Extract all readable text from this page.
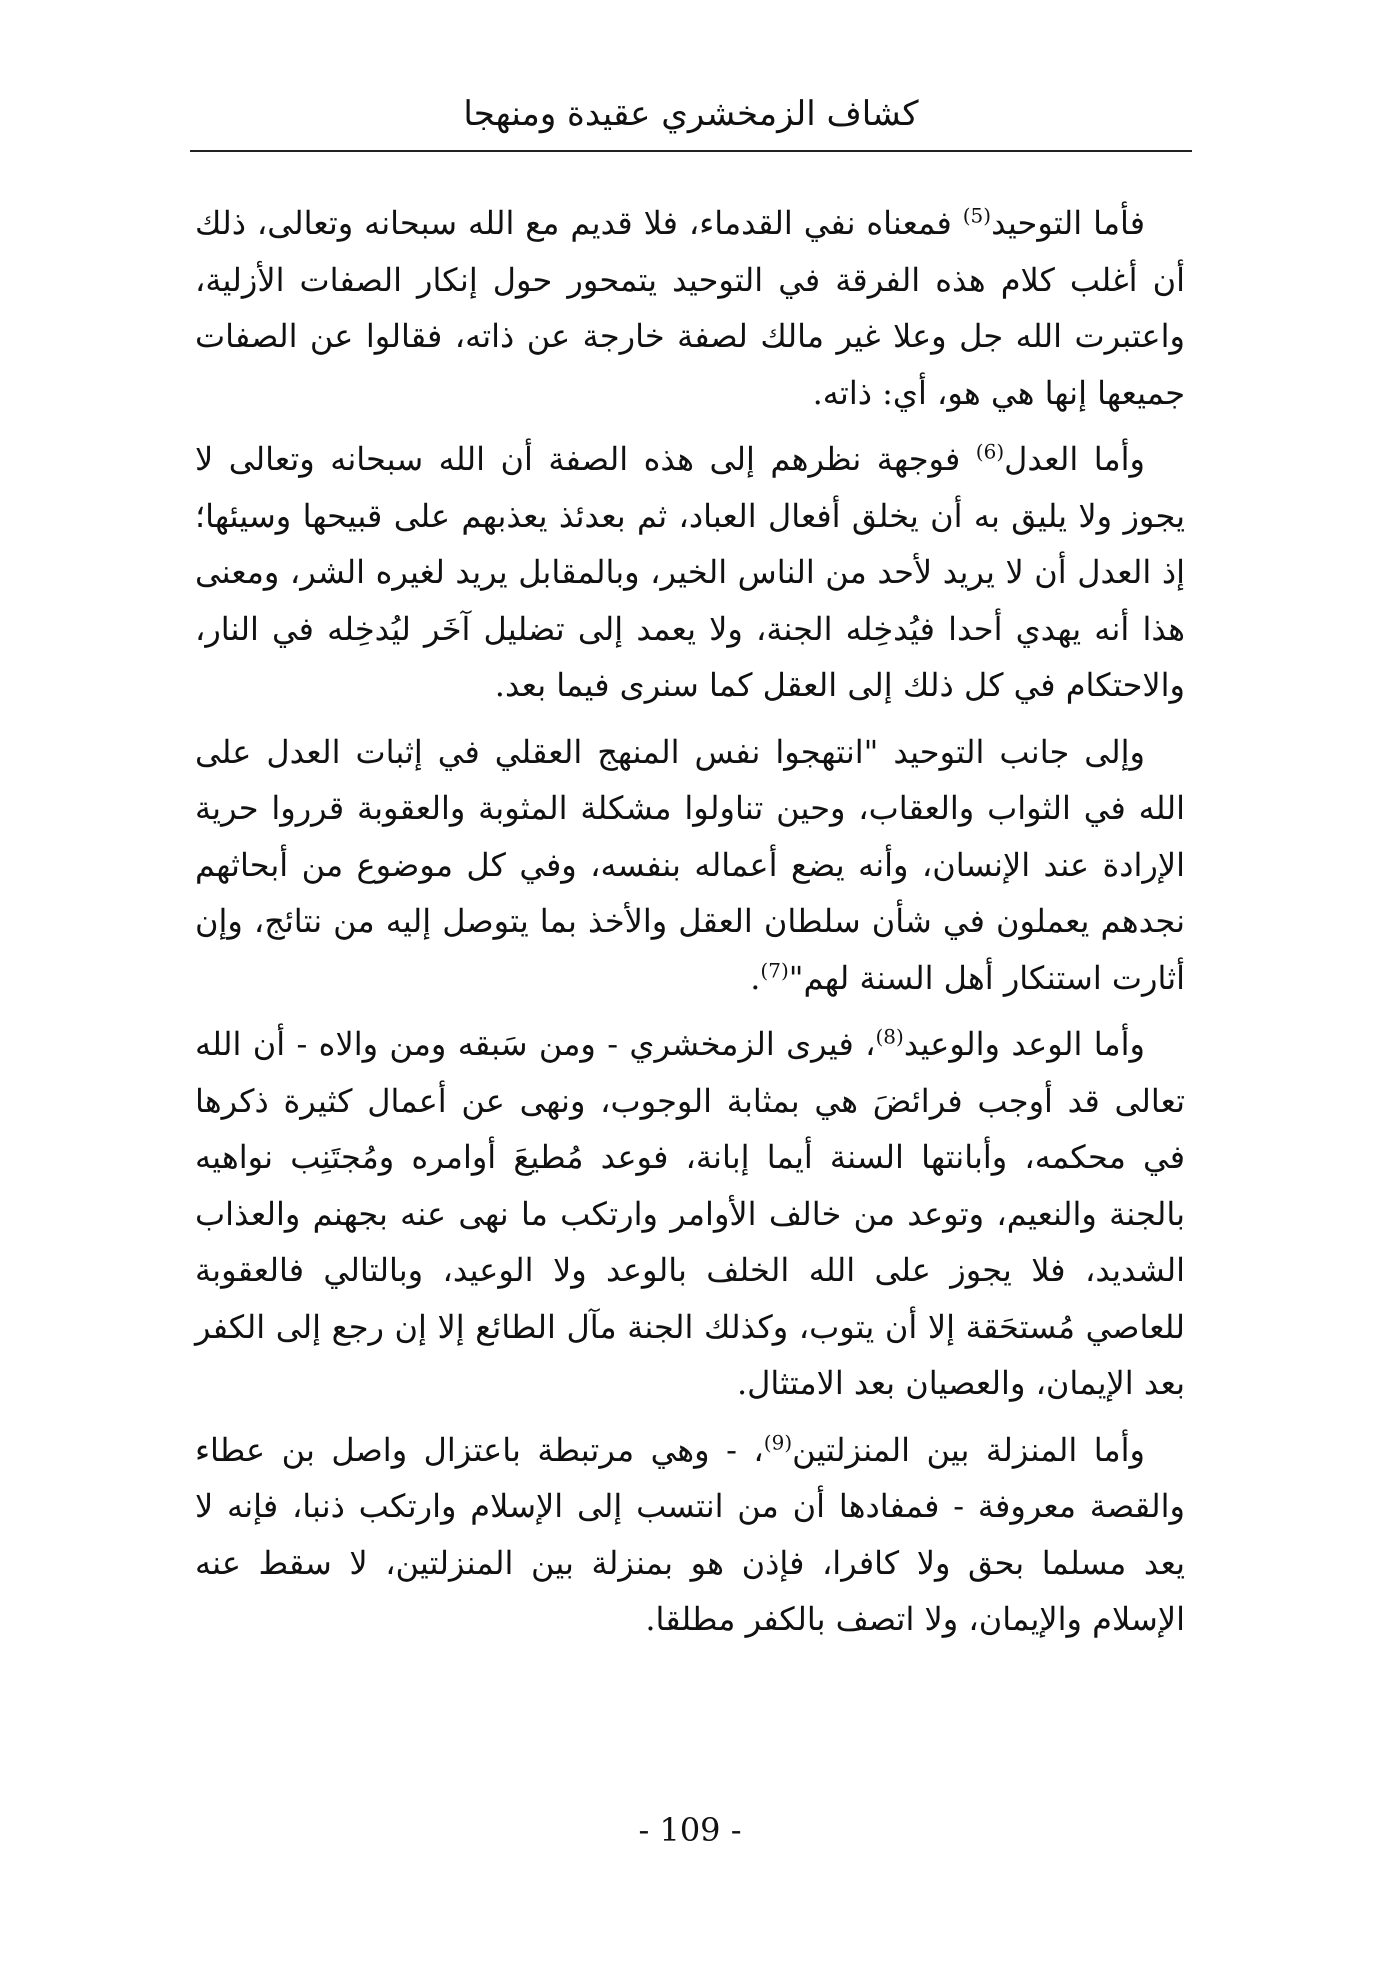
كشاف الزمخشري عقيدة ومنهجا

فأما التوحيد$^{(5)}$ فمعناه نفي القدماء، فلا قديم مع الله سبحانه وتعالى، ذلك أن أغلب كلام هذه الفرقة في التوحيد يتمحور حول إنكار الصفات الأزلية، واعتبرت الله جل وعلا غير مالك لصفة خارجة عن ذاته، فقالوا عن الصفات جميعها إنها هي هو، أي: ذاته.

وأما العدل$^{(6)}$ فوجهة نظرهم إلى هذه الصفة أن الله سبحانه وتعالى لا يجوز ولا يليق به أن يخلق أفعال العباد، ثم بعدئذ يعذبهم على قبيحها وسيئها؛ إذ العدل أن لا يريد لأحد من الناس الخير، وبالمقابل يريد لغيره الشر، ومعنى هذا أنه يهدي أحدا فيُدخِله الجنة، ولا يعمد إلى تضليل آخَر ليُدخِله في النار، والاحتكام في كل ذلك إلى العقل كما سنرى فيما بعد.

وإلى جانب التوحيد "انتهجوا نفس المنهج العقلي في إثبات العدل على الله في الثواب والعقاب، وحين تناولوا مشكلة المثوبة والعقوبة قرروا حرية الإرادة عند الإنسان، وأنه يضع أعماله بنفسه، وفي كل موضوع من أبحاثهم نجدهم يعملون في شأن سلطان العقل والأخذ بما يتوصل إليه من نتائج، وإن أثارت استنكار أهل السنة لهم"$^{(7)}$.

وأما الوعد والوعيد$^{(8)}$، فيرى الزمخشري - ومن سَبقه ومن والاه - أن الله تعالى قد أوجب فرائضَ هي بمثابة الوجوب، ونهى عن أعمال كثيرة ذكرها في محكمه، وأبانتها السنة أيما إبانة، فوعد مُطيعَ أوامره ومُجتَنِب نواهيه بالجنة والنعيم، وتوعد من خالف الأوامر وارتكب ما نهى عنه بجهنم والعذاب الشديد، فلا يجوز على الله الخلف بالوعد ولا الوعيد، وبالتالي فالعقوبة للعاصي مُستحَقة إلا أن يتوب، وكذلك الجنة مآل الطائع إلا إن رجع إلى الكفر بعد الإيمان، والعصيان بعد الامتثال.

وأما المنزلة بين المنزلتين$^{(9)}$، - وهي مرتبطة باعتزال واصل بن عطاء والقصة معروفة - فمفادها أن من انتسب إلى الإسلام وارتكب ذنبا، فإنه لا يعد مسلما بحق ولا كافرا، فإذن هو بمنزلة بين المنزلتين، لا سقط عنه الإسلام والإيمان، ولا اتصف بالكفر مطلقا.

- 109 -
